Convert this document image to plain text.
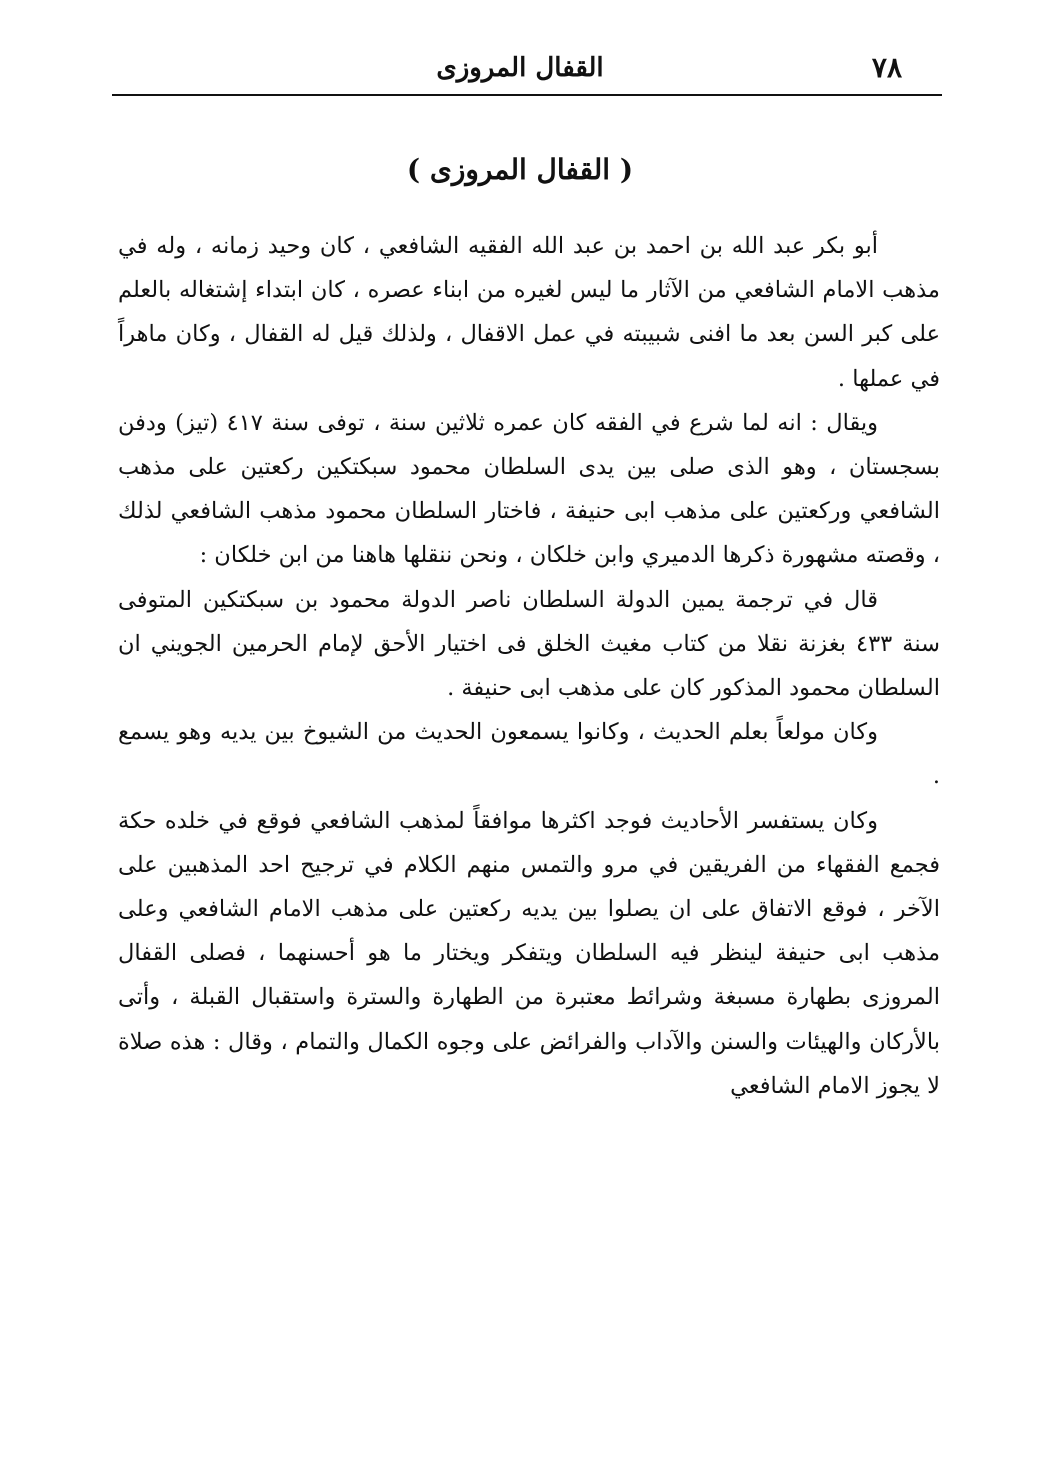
القفال المروزى	٧٨
( القفال المروزى )

أبو بكر عبد الله بن احمد بن عبد الله الفقيه الشافعي ، كان وحيد زمانه ، وله في مذهب الامام الشافعي من الآثار ما ليس لغيره من ابناء عصره ، كان ابتداء إشتغاله بالعلم على كبر السن بعد ما افنى شبيبته في عمل الاقفال ، ولذلك قيل له القفال ، وكان ماهراً في عملها .

ويقال : انه لما شرع في الفقه كان عمره ثلاثين سنة ، توفى سنة ٤١٧ (تيز) ودفن بسجستان ، وهو الذى صلى بين يدى السلطان محمود سبكتكين ركعتين على مذهب الشافعي وركعتين على مذهب ابى حنيفة ، فاختار السلطان محمود مذهب الشافعي لذلك ، وقصته مشهورة ذكرها الدميري وابن خلكان ، ونحن ننقلها هاهنا من ابن خلكان :

قال في ترجمة يمين الدولة السلطان ناصر الدولة محمود بن سبكتكين المتوفى سنة ٤٣٣ بغزنة نقلا من كتاب مغيث الخلق فى اختيار الأحق لإمام الحرمين الجويني ان السلطان محمود المذكور كان على مذهب ابى حنيفة .

وكان مولعاً بعلم الحديث ، وكانوا يسمعون الحديث من الشيوخ بين يديه وهو يسمع .

وكان يستفسر الأحاديث فوجد اكثرها موافقاً لمذهب الشافعي فوقع في خلده حكة فجمع الفقهاء من الفريقين في مرو والتمس منهم الكلام في ترجيح احد المذهبين على الآخر ، فوقع الاتفاق على ان يصلوا بين يديه ركعتين على مذهب الامام الشافعي وعلى مذهب ابى حنيفة لينظر فيه السلطان ويتفكر ويختار ما هو أحسنهما ، فصلى القفال المروزى بطهارة مسبغة وشرائط معتبرة من الطهارة والسترة واستقبال القبلة ، وأتى بالأركان والهيئات والسنن والآداب والفرائض على وجوه الكمال والتمام ، وقال : هذه صلاة لا يجوز الامام الشافعي
